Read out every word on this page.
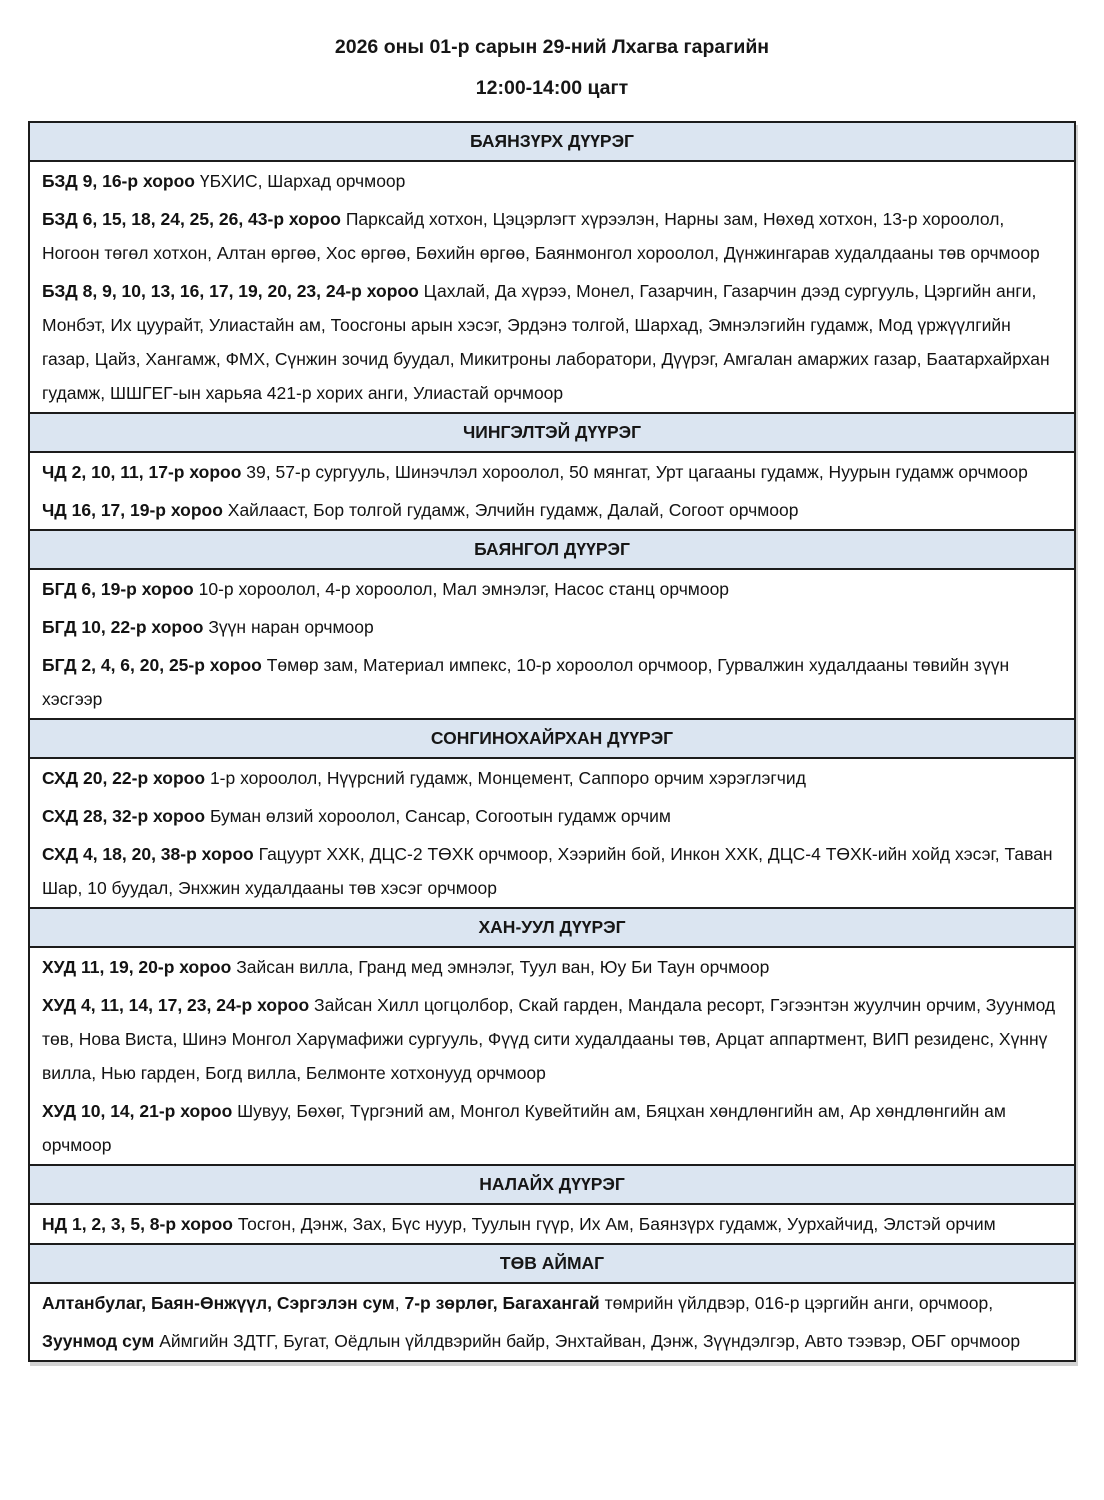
2026 оны 01-р сарын 29-ний Лхагва гарагийн
12:00-14:00 цагт
БАЯНЗҮРХ ДҮҮРЭГ
БЗД 9, 16-р хороо ҮБХИС, Шархад орчмоор
БЗД 6, 15, 18, 24, 25, 26, 43-р хороо Парксайд хотхон, Цэцэрлэгт хүрээлэн, Нарны зам, Нөхөд хотхон, 13-р хороолол, Ногоон төгөл хотхон, Алтан өргөө, Хос өргөө, Бөхийн өргөө, Баянмонгол хороолол, Дүнжингарав худалдааны төв орчмоор
БЗД 8, 9, 10, 13, 16, 17, 19, 20, 23, 24-р хороо Цахлай, Да хүрээ, Монел, Газарчин, Газарчин дээд сургууль, Цэргийн анги, Монбэт, Их цуурайт, Улиастайн ам, Тоосгоны арын хэсэг, Эрдэнэ толгой, Шархад, Эмнэлэгийн гудамж, Мод үржүүлгийн газар, Цайз, Хангамж, ФМХ, Сүнжин зочид буудал, Микитроны лаборатори, Дүүрэг, Амгалан амаржих газар, Баатархайрхан гудамж, ШШГЕГ-ын харьяа 421-р хорих анги, Улиастай орчмоор
ЧИНГЭЛТЭЙ ДҮҮРЭГ
ЧД 2, 10, 11, 17-р хороо 39, 57-р сургууль, Шинэчлэл хороолол, 50 мянгат, Урт цагааны гудамж, Нуурын гудамж орчмоор
ЧД 16, 17, 19-р хороо Хайлааст, Бор толгой гудамж, Элчийн гудамж, Далай, Согоот орчмоор
БАЯНГОЛ ДҮҮРЭГ
БГД 6, 19-р хороо 10-р хороолол, 4-р хороолол, Мал эмнэлэг, Насос станц орчмоор
БГД 10, 22-р хороо Зүүн наран орчмоор
БГД 2, 4, 6, 20, 25-р хороо Төмөр зам, Материал импекс, 10-р хороолол орчмоор, Гурвалжин худалдааны төвийн зүүн хэсгээр
СОНГИНОХАЙРХАН ДҮҮРЭГ
СХД 20, 22-р хороо 1-р хороолол, Нүүрсний гудамж, Монцемент, Саппоро орчим хэрэглэгчид
СХД 28, 32-р хороо Буман өлзий хороолол, Сансар, Согоотын гудамж орчим
СХД 4, 18, 20, 38-р хороо Гацуурт ХХК, ДЦС-2 ТӨХК орчмоор, Хээрийн бой, Инкон ХХК, ДЦС-4 ТӨХК-ийн хойд хэсэг, Таван Шар, 10 буудал, Энхжин худалдааны төв хэсэг орчмоор
ХАН-УУЛ ДҮҮРЭГ
ХУД 11, 19, 20-р хороо Зайсан вилла, Гранд мед эмнэлэг, Туул ван, Юу Би Таун орчмоор
ХУД 4, 11, 14, 17, 23, 24-р хороо Зайсан Хилл цогцолбор, Скай гарден, Мандала ресорт, Гэгээнтэн жуулчин орчим, Зуунмод төв, Нова Виста, Шинэ Монгол Харүмафижи сургууль, Фүүд сити худалдааны төв, Арцат аппартмент, ВИП резиденс, Хүннү вилла, Нью гарден, Богд вилла, Белмонте хотхонууд орчмоор
ХУД 10, 14, 21-р хороо Шувуу, Бөхөг, Түргэний ам, Монгол Кувейтийн ам, Бяцхан хөндлөнгийн ам, Ар хөндлөнгийн ам орчмоор
НАЛАЙХ ДҮҮРЭГ
НД 1, 2, 3, 5, 8-р хороо Тосгон, Дэнж, Зах, Бүс нуур, Туулын гүүр, Их Ам, Баянзүрх гудамж, Уурхайчид, Элстэй орчим
ТӨВ АЙМАГ
Алтанбулаг, Баян-Өнжүүл, Сэргэлэн сум, 7-р зөрлөг, Багахангай төмрийн үйлдвэр, 016-р цэргийн анги, орчмоор,
Зуунмод сум Аймгийн ЗДТГ, Бугат, Оёдлын үйлдвэрийн байр, Энхтайван, Дэнж, Зүүндэлгэр, Авто тээвэр, ОБГ орчмоор
